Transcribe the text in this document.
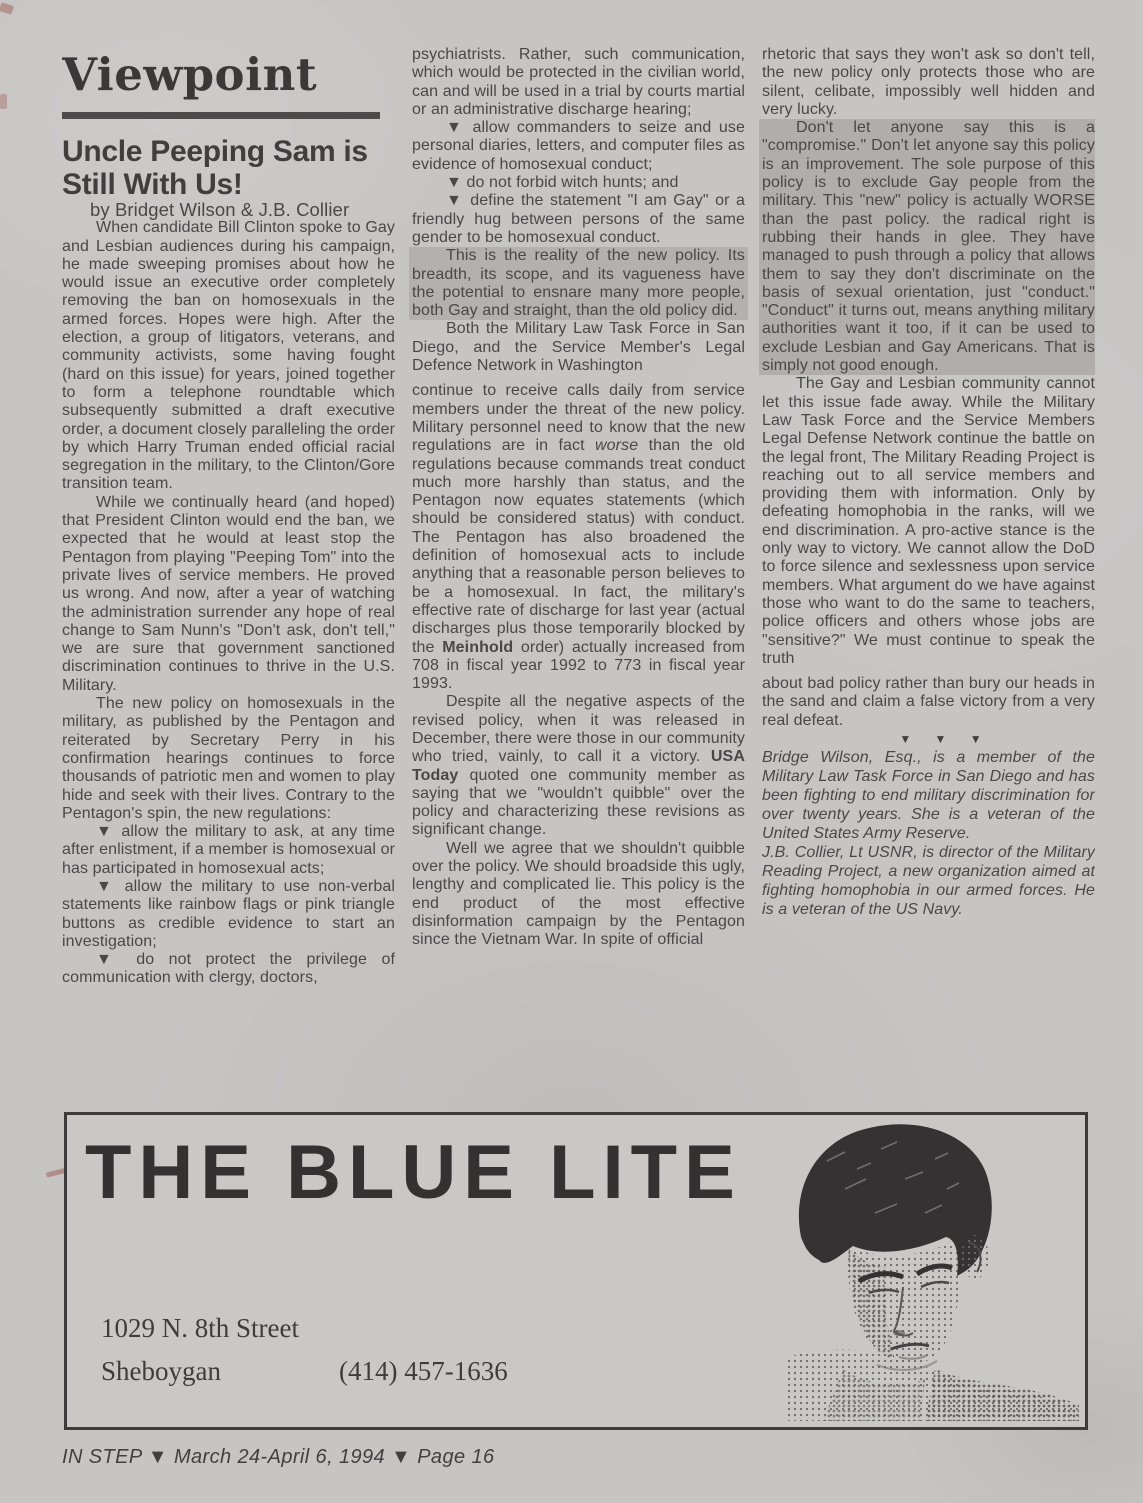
Viewpoint
Uncle Peeping Sam is
Still With Us!

by Bridget Wilson & J.B. Collier

When candidate Bill Clinton spoke to Gay and Lesbian audiences during his campaign, he made sweeping promises about how he would issue an executive order completely removing the ban on homosexuals in the armed forces. Hopes were high. After the election, a group of litigators, veterans, and community activists, some having fought (hard on this issue) for years, joined together to form a telephone roundtable which subsequently submitted a draft executive order, a document closely paralleling the order by which Harry Truman ended official racial segregation in the military, to the Clinton/Gore transition team.

While we continually heard (and hoped) that President Clinton would end the ban, we expected that he would at least stop the Pentagon from playing "Peeping Tom" into the private lives of service members. He proved us wrong. And now, after a year of watching the administration surrender any hope of real change to Sam Nunn's "Don't ask, don't tell," we are sure that government sanctioned discrimination continues to thrive in the U.S. Military.

The new policy on homosexuals in the military, as published by the Pentagon and reiterated by Secretary Perry in his confirmation hearings continues to force thousands of patriotic men and women to play hide and seek with their lives. Contrary to the Pentagon's spin, the new regulations:

▼ allow the military to ask, at any time after enlistment, if a member is homosexual or has participated in homosexual acts;

▼ allow the military to use non-verbal statements like rainbow flags or pink triangle buttons as credible evidence to start an investigation;

▼ do not protect the privilege of communication with clergy, doctors,

psychiatrists. Rather, such communication, which would be protected in the civilian world, can and will be used in a trial by courts martial or an administrative discharge hearing;

▼ allow commanders to seize and use personal diaries, letters, and computer files as evidence of homosexual conduct;

▼ do not forbid witch hunts; and

▼ define the statement "I am Gay" or a friendly hug between persons of the same gender to be homosexual conduct.

This is the reality of the new policy. Its breadth, its scope, and its vagueness have the potential to ensnare many more people, both Gay and straight, than the old policy did.

Both the Military Law Task Force in San Diego, and the Service Member's Legal Defence Network in Washington

continue to receive calls daily from service members under the threat of the new policy. Military personnel need to know that the new regulations are in fact worse than the old regulations because commands treat conduct much more harshly than status, and the Pentagon now equates statements (which should be considered status) with conduct. The Pentagon has also broadened the definition of homosexual acts to include anything that a reasonable person believes to be a homosexual. In fact, the military's effective rate of discharge for last year (actual discharges plus those temporarily blocked by the Meinhold order) actually increased from 708 in fiscal year 1992 to 773 in fiscal year 1993.

Despite all the negative aspects of the revised policy, when it was released in December, there were those in our community who tried, vainly, to call it a victory. USA Today quoted one community member as saying that we "wouldn't quibble" over the policy and characterizing these revisions as significant change.

Well we agree that we shouldn't quibble over the policy. We should broadside this ugly, lengthy and complicated lie. This policy is the end product of the most effective disinformation campaign by the Pentagon since the Vietnam War. In spite of official

rhetoric that says they won't ask so don't tell, the new policy only protects those who are silent, celibate, impossibly well hidden and very lucky.

Don't let anyone say this is a "compromise." Don't let anyone say this policy is an improvement. The sole purpose of this policy is to exclude Gay people from the military. This "new" policy is actually WORSE than the past policy. the radical right is rubbing their hands in glee. They have managed to push through a policy that allows them to say they don't discriminate on the basis of sexual orientation, just "conduct." "Conduct" it turns out, means anything military authorities want it too, if it can be used to exclude Lesbian and Gay Americans. That is simply not good enough.

The Gay and Lesbian community cannot let this issue fade away. While the Military Law Task Force and the Service Members Legal Defense Network continue the battle on the legal front, The Military Reading Project is reaching out to all service members and providing them with information. Only by defeating homophobia in the ranks, will we end discrimination. A pro-active stance is the only way to victory. We cannot allow the DoD to force silence and sexlessness upon service members. What argument do we have against those who want to do the same to teachers, police officers and others whose jobs are "sensitive?" We must continue to speak the truth

about bad policy rather than bury our heads in the sand and claim a false victory from a very real defeat.

▼ ▼ ▼

Bridge Wilson, Esq., is a member of the Military Law Task Force in San Diego and has been fighting to end military discrimination for over twenty years. She is a veteran of the United States Army Reserve.

J.B. Collier, Lt USNR, is director of the Military Reading Project, a new organization aimed at fighting homophobia in our armed forces. He is a veteran of the US Navy.

THE BLUE LITE
1029 N. 8th Street
Sheboygan	(414) 457-1636
IN STEP ▼ March 24-April 6, 1994 ▼ Page 16
